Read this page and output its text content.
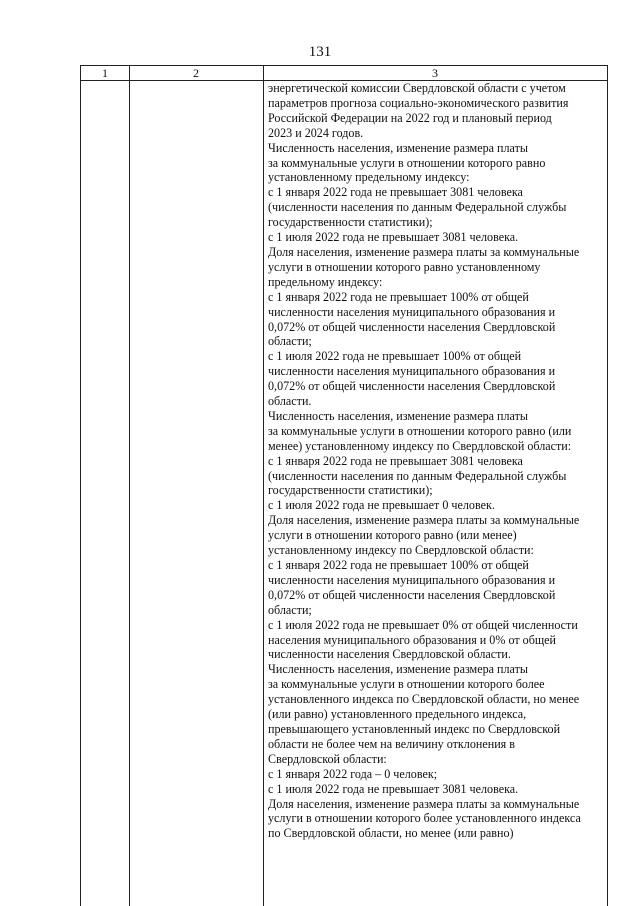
131
1	2	3
энергетической комиссии Свердловской области с учетом
параметров прогноза социально-экономического развития
Российской Федерации на 2022 год и плановый период
2023 и 2024 годов.
Численность населения, изменение размера платы
за коммунальные услуги в отношении которого равно
установленному предельному индексу:
с 1 января 2022 года не превышает 3081 человека
(численности населения по данным Федеральной службы
государственности статистики);
с 1 июля 2022 года не превышает 3081 человека.
Доля населения, изменение размера платы за коммунальные
услуги в отношении которого равно установленному
предельному индексу:
с 1 января 2022 года не превышает 100% от общей
численности населения муниципального образования и
0,072% от общей численности населения Свердловской
области;
с 1 июля 2022 года не превышает 100% от общей
численности населения муниципального образования и
0,072% от общей численности населения Свердловской
области.
Численность населения, изменение размера платы
за коммунальные услуги в отношении которого равно (или
менее) установленному индексу по Свердловской области:
с 1 января 2022 года не превышает 3081 человека
(численности населения по данным Федеральной службы
государственности статистики);
с 1 июля 2022 года не превышает 0 человек.
Доля населения, изменение размера платы за коммунальные
услуги в отношении которого равно (или менее)
установленному индексу по Свердловской области:
с 1 января 2022 года не превышает 100% от общей
численности населения муниципального образования и
0,072% от общей численности населения Свердловской
области;
с 1 июля 2022 года не превышает 0% от общей численности
населения муниципального образования и 0% от общей
численности населения Свердловской области.
Численность населения, изменение размера платы
за коммунальные услуги в отношении которого более
установленного индекса по Свердловской области, но менее
(или равно) установленного предельного индекса,
превышающего установленный индекс по Свердловской
области не более чем на величину отклонения в
Свердловской области:
с 1 января 2022 года – 0 человек;
с 1 июля 2022 года не превышает 3081 человека.
Доля населения, изменение размера платы за коммунальные
услуги в отношении которого более установленного индекса
по Свердловской области, но менее (или равно)
